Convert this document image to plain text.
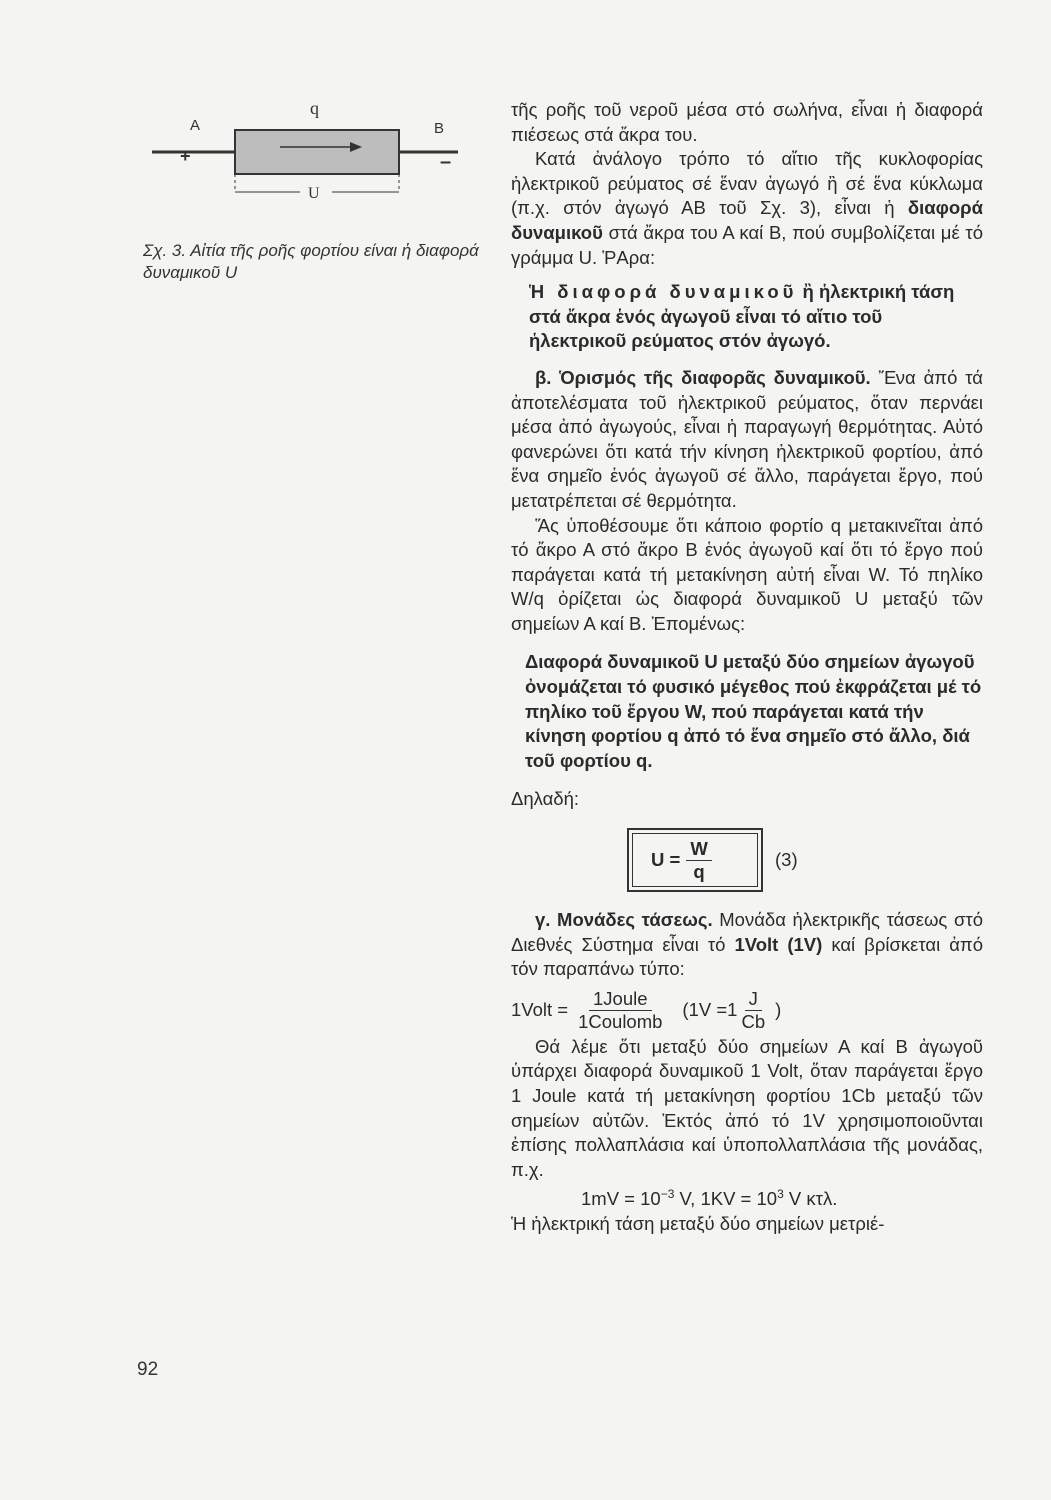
A	B
q
U
+	–
Σχ. 3. Αἰτία τῆς ροῆς φορτίου είναι ἡ διαφορά δυναμικοῦ U

τῆς ροῆς τοῦ νεροῦ μέσα στό σωλήνα, εἶναι ἡ διαφορά πιέσεως στά ἄκρα του.

Κατά ἀνάλογο τρόπο τό αἴτιο τῆς κυκλοφορίας ἡλεκτρικοῦ ρεύματος σέ ἕναν ἀγωγό ἢ σέ ἕνα κύκλωμα (π.χ. στόν ἀγωγό ΑΒ τοῦ Σχ. 3), εἶναι ἡ διαφορά δυναμικοῦ στά ἄκρα του Α καί Β, πού συμβολίζεται μέ τό γράμμα U. ῬΑρα:

Ἡ διαφορά δυναμικοῦ ἢ ἡλεκτρική τάση στά ἄκρα ἑνός ἀγωγοῦ εἶναι τό αἴτιο τοῦ ἡλεκτρικοῦ ρεύματος στόν ἀγωγό.

β. Ὁρισμός τῆς διαφορᾶς δυναμικοῦ. Ἔνα ἀπό τά ἀποτελέσματα τοῦ ἡλεκτρικοῦ ρεύματος, ὅταν περνάει μέσα ἀπό ἀγωγούς, εἶναι ἡ παραγωγή θερμότητας. Αὐτό φανερώνει ὅτι κατά τήν κίνηση ἡλεκτρικοῦ φορτίου, ἀπό ἕνα σημεῖο ἑνός ἀγωγοῦ σέ ἄλλο, παράγεται ἔργο, πού μετατρέπεται σέ θερμότητα.

Ἅς ὑποθέσουμε ὅτι κάποιο φορτίο q μετακινεῖται ἀπό τό ἄκρο Α στό ἄκρο Β ἑνός ἀγωγοῦ καί ὅτι τό ἔργο πού παράγεται κατά τή μετακίνηση αὐτή εἶναι W. Τό πηλίκο W/q ὀρίζεται ὡς διαφορά δυναμικοῦ U μεταξύ τῶν σημείων Α καί Β. Ἐπομένως:

Διαφορά δυναμικοῦ U μεταξύ δύο σημείων ἀγωγοῦ ὀνομάζεται τό φυσικό μέγεθος πού ἐκφράζεται μέ τό πηλίκο τοῦ ἔργου W, πού παράγεται κατά τήν κίνηση φορτίου q ἀπό τό ἕνα σημεῖο στό ἄλλο, διά τοῦ φορτίου q.

Δηλαδή:

$U = \frac{W}{q}$	(3)

γ. Μονάδες τάσεως. Μονάδα ἡλεκτρικῆς τάσεως στό Διεθνές Σύστημα εἶναι τό 1Volt (1V) καί βρίσκεται ἀπό τόν παραπάνω τύπο:

1Volt = $\frac{\text{1Joule}}{\text{1Coulomb}} (1V =1 \frac{J}{Cb}$ )

Θά λέμε ὅτι μεταξύ δύο σημείων Α καί Β ἀγωγοῦ ὑπάρχει διαφορά δυναμικοῦ 1 Volt, ὅταν παράγεται ἔργο 1 Joule κατά τή μετακίνηση φορτίου 1Cb μεταξύ τῶν σημείων αὐτῶν. Ἐκτός ἀπό τό 1V χρησιμοποιοῦνται ἐπίσης πολλαπλάσια καί ὑποπολλαπλάσια τῆς μονάδας, π.χ.

$1mV = 10^{-3}$ V, $1KV = 10^3$ V κτλ.

Ἡ ἡλεκτρική τάση μεταξύ δύο σημείων μετριέ-

92
